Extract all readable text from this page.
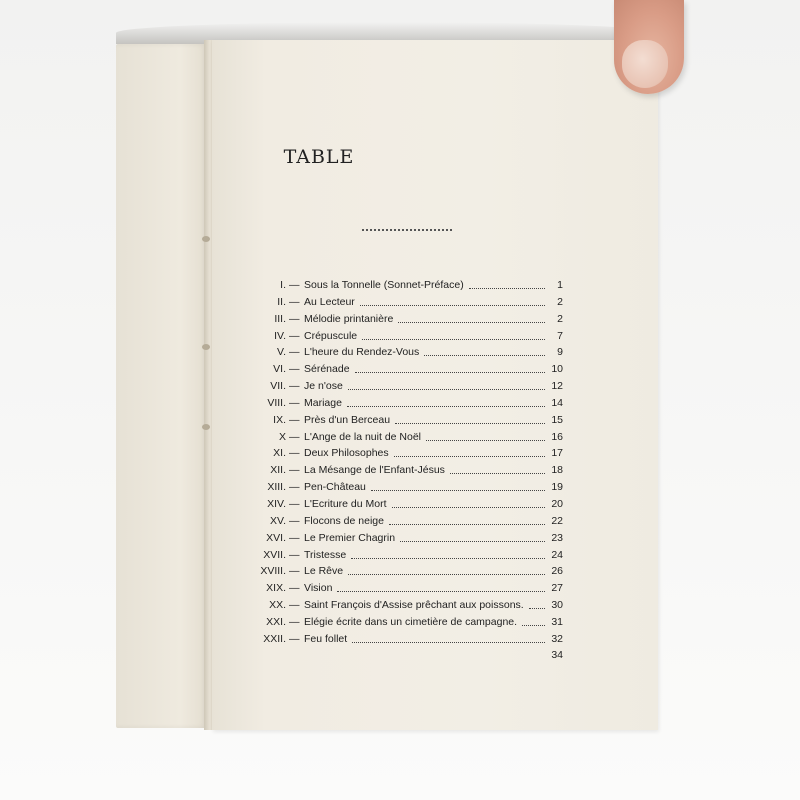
TABLE
I. — Sous la Tonnelle (Sonnet-Préface)	1
II. — Au Lecteur	2
III. — Mélodie printanière	2
IV. — Crépuscule	7
V. — L'heure du Rendez-Vous	9
VI. — Sérénade	10
VII. — Je n'ose	12
VIII. — Mariage	14
IX. — Près d'un Berceau	15
X — L'Ange de la nuit de Noël	16
XI. — Deux Philosophes	17
XII. — La Mésange de l'Enfant-Jésus	18
XIII. — Pen-Château	19
XIV. — L'Ecriture du Mort	20
XV. — Flocons de neige	22
XVI. — Le Premier Chagrin	23
XVII. — Tristesse	24
XVIII. — Le Rêve	26
XIX. — Vision	27
XX. — Saint François d'Assise prêchant aux poissons.	30
XXI. — Elégie écrite dans un cimetière de campagne.	31
XXII. — Feu follet	32
34
